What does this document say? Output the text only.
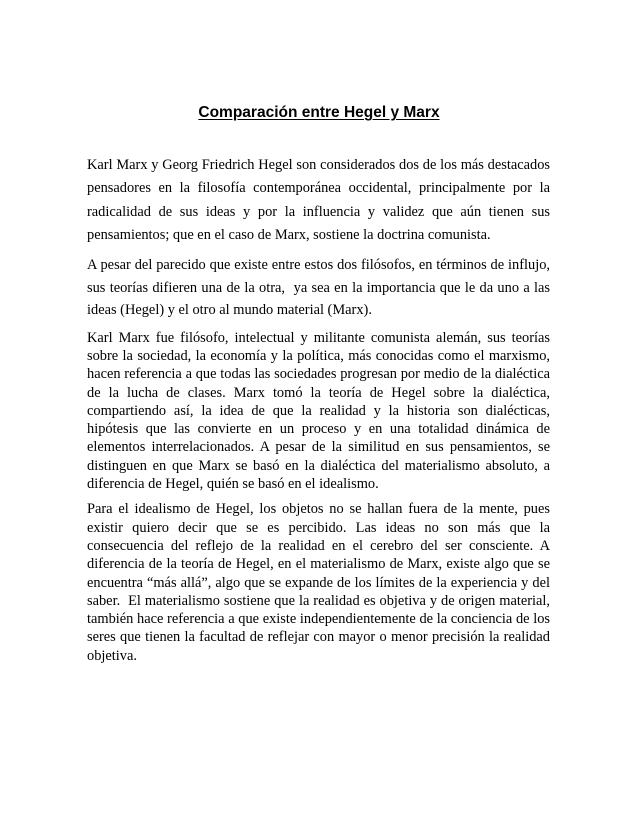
Comparación entre Hegel y Marx

Karl Marx y Georg Friedrich Hegel son considerados dos de los más destacados pensadores en la filosofía contemporánea occidental, principalmente por la radicalidad de sus ideas y por la influencia y validez que aún tienen sus pensamientos; que en el caso de Marx, sostiene la doctrina comunista.

A pesar del parecido que existe entre estos dos filósofos, en términos de influjo, sus teorías difieren una de la otra,  ya sea en la importancia que le da uno a las ideas (Hegel) y el otro al mundo material (Marx).

Karl Marx fue filósofo, intelectual y militante comunista alemán, sus teorías sobre la sociedad, la economía y la política, más conocidas como el marxismo, hacen referencia a que todas las sociedades progresan por medio de la dialéctica de la lucha de clases. Marx tomó la teoría de Hegel sobre la dialéctica, compartiendo así, la idea de que la realidad y la historia son dialécticas, hipótesis que las convierte en un proceso y en una totalidad dinámica de elementos interrelacionados. A pesar de la similitud en sus pensamientos, se distinguen en que Marx se basó en la dialéctica del materialismo absoluto, a diferencia de Hegel, quién se basó en el idealismo.

Para el idealismo de Hegel, los objetos no se hallan fuera de la mente, pues existir quiero decir que se es percibido. Las ideas no son más que la consecuencia del reflejo de la realidad en el cerebro del ser consciente. A diferencia de la teoría de Hegel, en el materialismo de Marx, existe algo que se encuentra “más allá”, algo que se expande de los límites de la experiencia y del saber.  El materialismo sostiene que la realidad es objetiva y de origen material, también hace referencia a que existe independientemente de la conciencia de los seres que tienen la facultad de reflejar con mayor o menor precisión la realidad objetiva.
